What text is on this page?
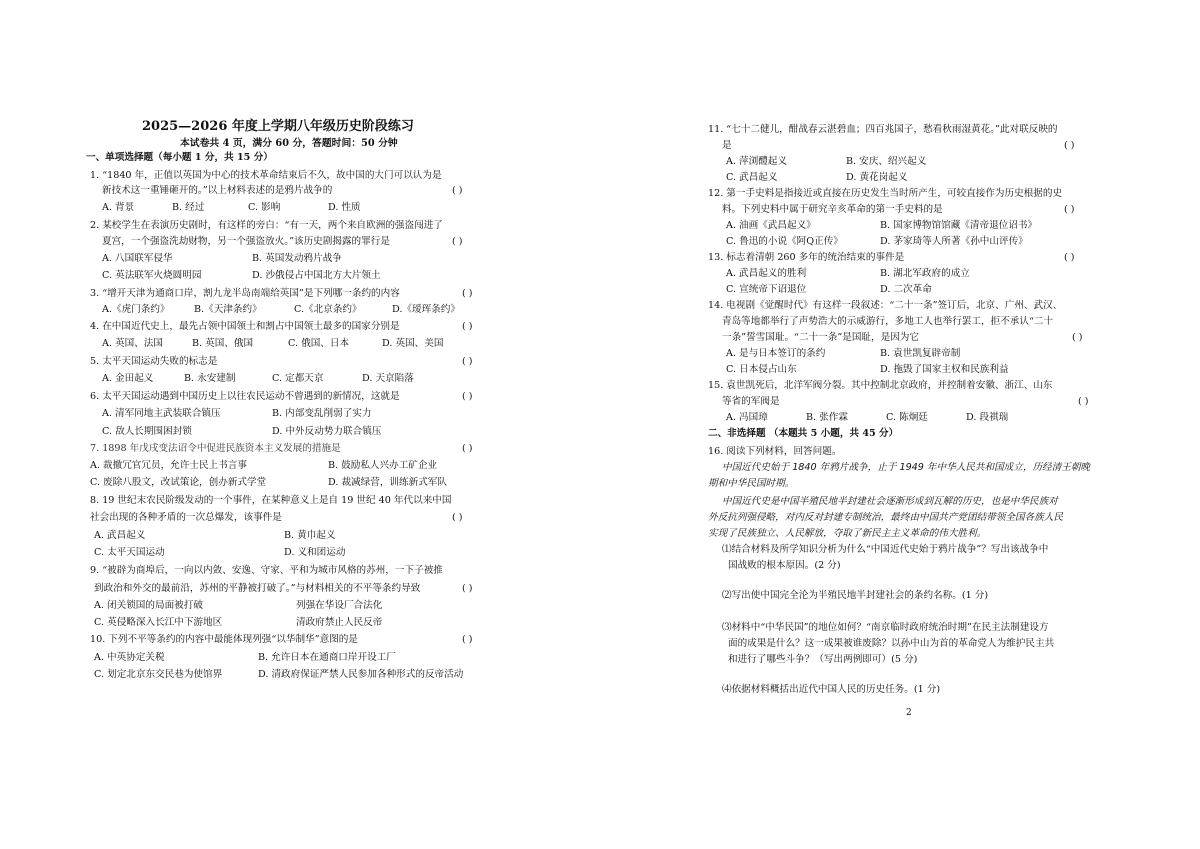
2025—2026 年度上学期八年级历史阶段练习
本试卷共 4 页，满分 60 分，答题时间：50 分钟
一、单项选择题（每小题 1 分，共 15 分）
1. “1840 年，正值以英国为中心的技术革命结束后不久，故中国的大门可以认为是
新技术这一重锤砸开的。”以上材料表述的是鸦片战争的	( )
A. 背景	B. 经过	C. 影响	D. 性质
2. 某校学生在表演历史剧时，有这样的旁白：“有一天，两个来自欧洲的强盗闯进了
夏宫，一个强盗洗劫财物，另一个强盗放火。”该历史剧揭露的罪行是	( )
A. 八国联军侵华	B. 英国发动鸦片战争
C. 英法联军火烧圆明园	D. 沙俄侵占中国北方大片领土
3. “增开天津为通商口岸，割九龙半岛南端给英国”是下列哪一条约的内容	( )
A.《虎门条约》	B.《天津条约》	C.《北京条约》	D.《瑷珲条约》
4. 在中国近代史上，最先占领中国领土和割占中国领土最多的国家分别是	( )
A. 英国、法国	B. 英国、俄国	C. 俄国、日本	D. 英国、美国
5. 太平天国运动失败的标志是	( )
A. 金田起义	B. 永安建制	C. 定都天京	D. 天京陷落
6. 太平天国运动遇到中国历史上以往农民运动不曾遇到的新情况，这就是	( )
A. 清军同地主武装联合镇压	B. 内部变乱削弱了实力
C. 敌人长期围困封锁	D. 中外反动势力联合镇压
7. 1898 年戊戌变法诏令中促进民族资本主义发展的措施是	( )
A. 裁撤冗官冗员，允许士民上书言事	B. 鼓励私人兴办工矿企业
C. 废除八股文，改试策论，创办新式学堂	D. 裁减绿营，训练新式军队
8. 19 世纪末农民阶级发动的一个事件，在某种意义上是自 19 世纪 40 年代以来中国
社会出现的各种矛盾的一次总爆发，该事件是	( )
A. 武昌起义	B. 黄巾起义
C. 太平天国运动	D. 义和团运动
9. “被辟为商埠后，一向以内敛、安逸、守家、平和为城市风格的苏州，一下子被推
到政治和外交的最前沿，苏州的平静被打破了。”与材料相关的不平等条约导致	( )
A. 闭关锁国的局面被打破	列强在华设厂合法化
C. 英侵略深入长江中下游地区	清政府禁止人民反帝
10. 下列不平等条约的内容中最能体现列强“以华制华”意图的是	( )
A. 中英协定关税	B. 允许日本在通商口岸开设工厂
C. 划定北京东交民巷为使馆界	D. 清政府保证严禁人民参加各种形式的反帝活动
11. “七十二健儿，酣战春云湛碧血；四百兆国子，愁看秋雨湿黄花。”此对联反映的
是	( )
A. 萍浏醴起义	B. 安庆、绍兴起义
C. 武昌起义	D. 黄花岗起义
12. 第一手史料是指接近或直接在历史发生当时所产生，可较直接作为历史根据的史
料。下列史料中属于研究辛亥革命的第一手史料的是	( )
A. 油画《武昌起义》	B. 国家博物馆馆藏《清帝退位诏书》
C. 鲁迅的小说《阿Q正传》	D. 茅家琦等人所著《孙中山评传》
13. 标志着清朝 260 多年的统治结束的事件是	( )
A. 武昌起义的胜利	B. 湖北军政府的成立
C. 宣统帝下诏退位	D. 二次革命
14. 电视剧《觉醒时代》有这样一段叙述：“二十一条”签订后，北京、广州、武汉、
青岛等地都举行了声势浩大的示威游行，多地工人也举行罢工，拒不承认“二十
一条”誓雪国耻。“二十一条”是国耻，是因为它	( )
A. 是与日本签订的条约	B. 袁世凯复辟帝制
C. 日本侵占山东	D. 拖毁了国家主权和民族利益
15. 袁世凯死后，北洋军阀分裂。其中控制北京政府，并控制着安徽、浙江、山东
等省的军阀是	( )
A. 冯国璋	B. 张作霖	C. 陈炯廷	D. 段祺瑞
二、非选择题 （本题共 5 小题，共 45 分）
16. 阅读下列材料，回答问题。
中国近代史始于 1840 年鸦片战争，止于 1949 年中华人民共和国成立，历经清王朝晚
期和中华民国时期。
中国近代史是中国半殖民地半封建社会逐渐形成到瓦解的历史，也是中华民族对
外反抗列强侵略，对内反对封建专制统治，最终由中国共产党团结带领全国各族人民
实现了民族独立、人民解放，夺取了新民主主义革命的伟大胜利。
⑴结合材料及所学知识分析为什么“中国近代史始于鸦片战争”？写出该战争中
国战败的根本原因。(2 分)
⑵写出使中国完全沦为半殖民地半封建社会的条约名称。(1 分)
⑶材料中“中华民国”的地位如何？“南京临时政府统治时期”在民主法制建设方
面的成果是什么？这一成果被谁废除？以孙中山为首的革命党人为维护民主共
和进行了哪些斗争？（写出两例即可）(5 分)
⑷依据材料概括出近代中国人民的历史任务。(1 分)
2
